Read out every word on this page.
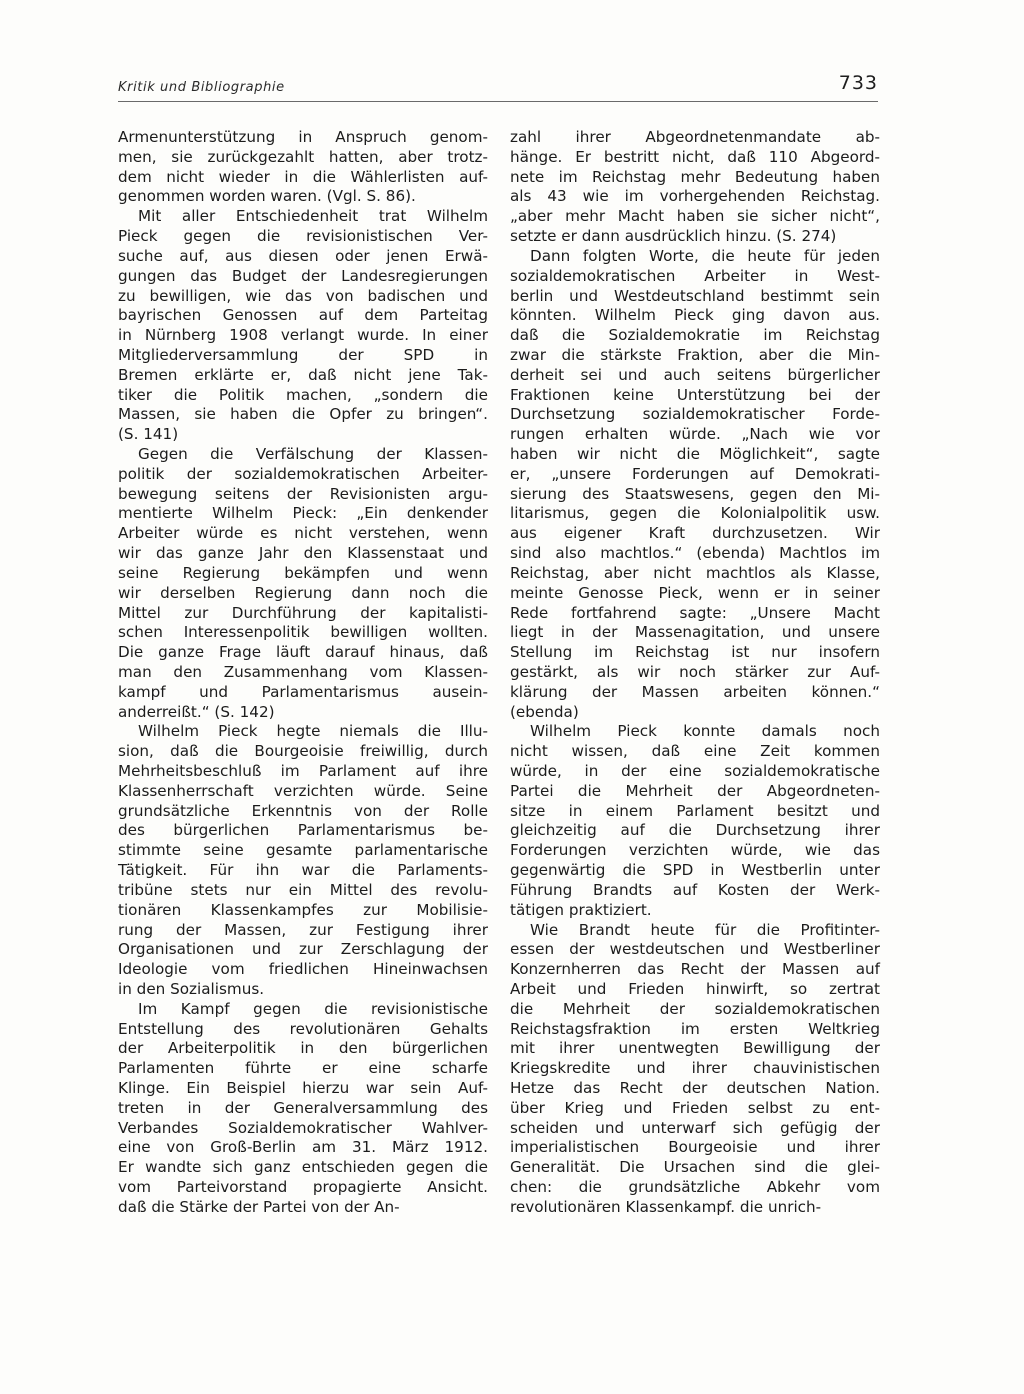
Kritik und Bibliographie	733
Armenunterstützung in Anspruch genom-
men, sie zurückgezahlt hatten, aber trotz-
dem nicht wieder in die Wählerlisten auf-
genommen worden waren. (Vgl. S. 86).
Mit aller Entschiedenheit trat Wilhelm
Pieck gegen die revisionistischen Ver-
suche auf, aus diesen oder jenen Erwä-
gungen das Budget der Landesregierungen
zu bewilligen, wie das von badischen und
bayrischen Genossen auf dem Parteitag
in Nürnberg 1908 verlangt wurde. In einer
Mitgliederversammlung der SPD in
Bremen erklärte er, daß nicht jene Tak-
tiker die Politik machen, „sondern die
Massen, sie haben die Opfer zu bringen“.
(S. 141)
Gegen die Verfälschung der Klassen-
politik der sozialdemokratischen Arbeiter-
bewegung seitens der Revisionisten argu-
mentierte Wilhelm Pieck: „Ein denkender
Arbeiter würde es nicht verstehen, wenn
wir das ganze Jahr den Klassenstaat und
seine Regierung bekämpfen und wenn
wir derselben Regierung dann noch die
Mittel zur Durchführung der kapitalisti-
schen Interessenpolitik bewilligen wollten.
Die ganze Frage läuft darauf hinaus, daß
man den Zusammenhang vom Klassen-
kampf und Parlamentarismus ausein-
anderreißt.“ (S. 142)
Wilhelm Pieck hegte niemals die Illu-
sion, daß die Bourgeoisie freiwillig, durch
Mehrheitsbeschluß im Parlament auf ihre
Klassenherrschaft verzichten würde. Seine
grundsätzliche Erkenntnis von der Rolle
des bürgerlichen Parlamentarismus be-
stimmte seine gesamte parlamentarische
Tätigkeit. Für ihn war die Parlaments-
tribüne stets nur ein Mittel des revolu-
tionären Klassenkampfes zur Mobilisie-
rung der Massen, zur Festigung ihrer
Organisationen und zur Zerschlagung der
Ideologie vom friedlichen Hineinwachsen
in den Sozialismus.
Im Kampf gegen die revisionistische
Entstellung des revolutionären Gehalts
der Arbeiterpolitik in den bürgerlichen
Parlamenten führte er eine scharfe
Klinge. Ein Beispiel hierzu war sein Auf-
treten in der Generalversammlung des
Verbandes Sozialdemokratischer Wahlver-
eine von Groß-Berlin am 31. März 1912.
Er wandte sich ganz entschieden gegen die
vom Parteivorstand propagierte Ansicht.
daß die Stärke der Partei von der An-
zahl ihrer Abgeordnetenmandate ab-
hänge. Er bestritt nicht, daß 110 Abgeord-
nete im Reichstag mehr Bedeutung haben
als 43 wie im vorhergehenden Reichstag.
„aber mehr Macht haben sie sicher nicht“,
setzte er dann ausdrücklich hinzu. (S. 274)
Dann folgten Worte, die heute für jeden
sozialdemokratischen Arbeiter in West-
berlin und Westdeutschland bestimmt sein
könnten. Wilhelm Pieck ging davon aus.
daß die Sozialdemokratie im Reichstag
zwar die stärkste Fraktion, aber die Min-
derheit sei und auch seitens bürgerlicher
Fraktionen keine Unterstützung bei der
Durchsetzung sozialdemokratischer Forde-
rungen erhalten würde. „Nach wie vor
haben wir nicht die Möglichkeit“, sagte
er, „unsere Forderungen auf Demokrati-
sierung des Staatswesens, gegen den Mi-
litarismus, gegen die Kolonialpolitik usw.
aus eigener Kraft durchzusetzen. Wir
sind also machtlos.“ (ebenda) Machtlos im
Reichstag, aber nicht machtlos als Klasse,
meinte Genosse Pieck, wenn er in seiner
Rede fortfahrend sagte: „Unsere Macht
liegt in der Massenagitation, und unsere
Stellung im Reichstag ist nur insofern
gestärkt, als wir noch stärker zur Auf-
klärung der Massen arbeiten können.“
(ebenda)
Wilhelm Pieck konnte damals noch
nicht wissen, daß eine Zeit kommen
würde, in der eine sozialdemokratische
Partei die Mehrheit der Abgeordneten-
sitze in einem Parlament besitzt und
gleichzeitig auf die Durchsetzung ihrer
Forderungen verzichten würde, wie das
gegenwärtig die SPD in Westberlin unter
Führung Brandts auf Kosten der Werk-
tätigen praktiziert.
Wie Brandt heute für die Profitinter-
essen der westdeutschen und Westberliner
Konzernherren das Recht der Massen auf
Arbeit und Frieden hinwirft, so zertrat
die Mehrheit der sozialdemokratischen
Reichstagsfraktion im ersten Weltkrieg
mit ihrer unentwegten Bewilligung der
Kriegskredite und ihrer chauvinistischen
Hetze das Recht der deutschen Nation.
über Krieg und Frieden selbst zu ent-
scheiden und unterwarf sich gefügig der
imperialistischen Bourgeoisie und ihrer
Generalität. Die Ursachen sind die glei-
chen: die grundsätzliche Abkehr vom
revolutionären Klassenkampf. die unrich-
